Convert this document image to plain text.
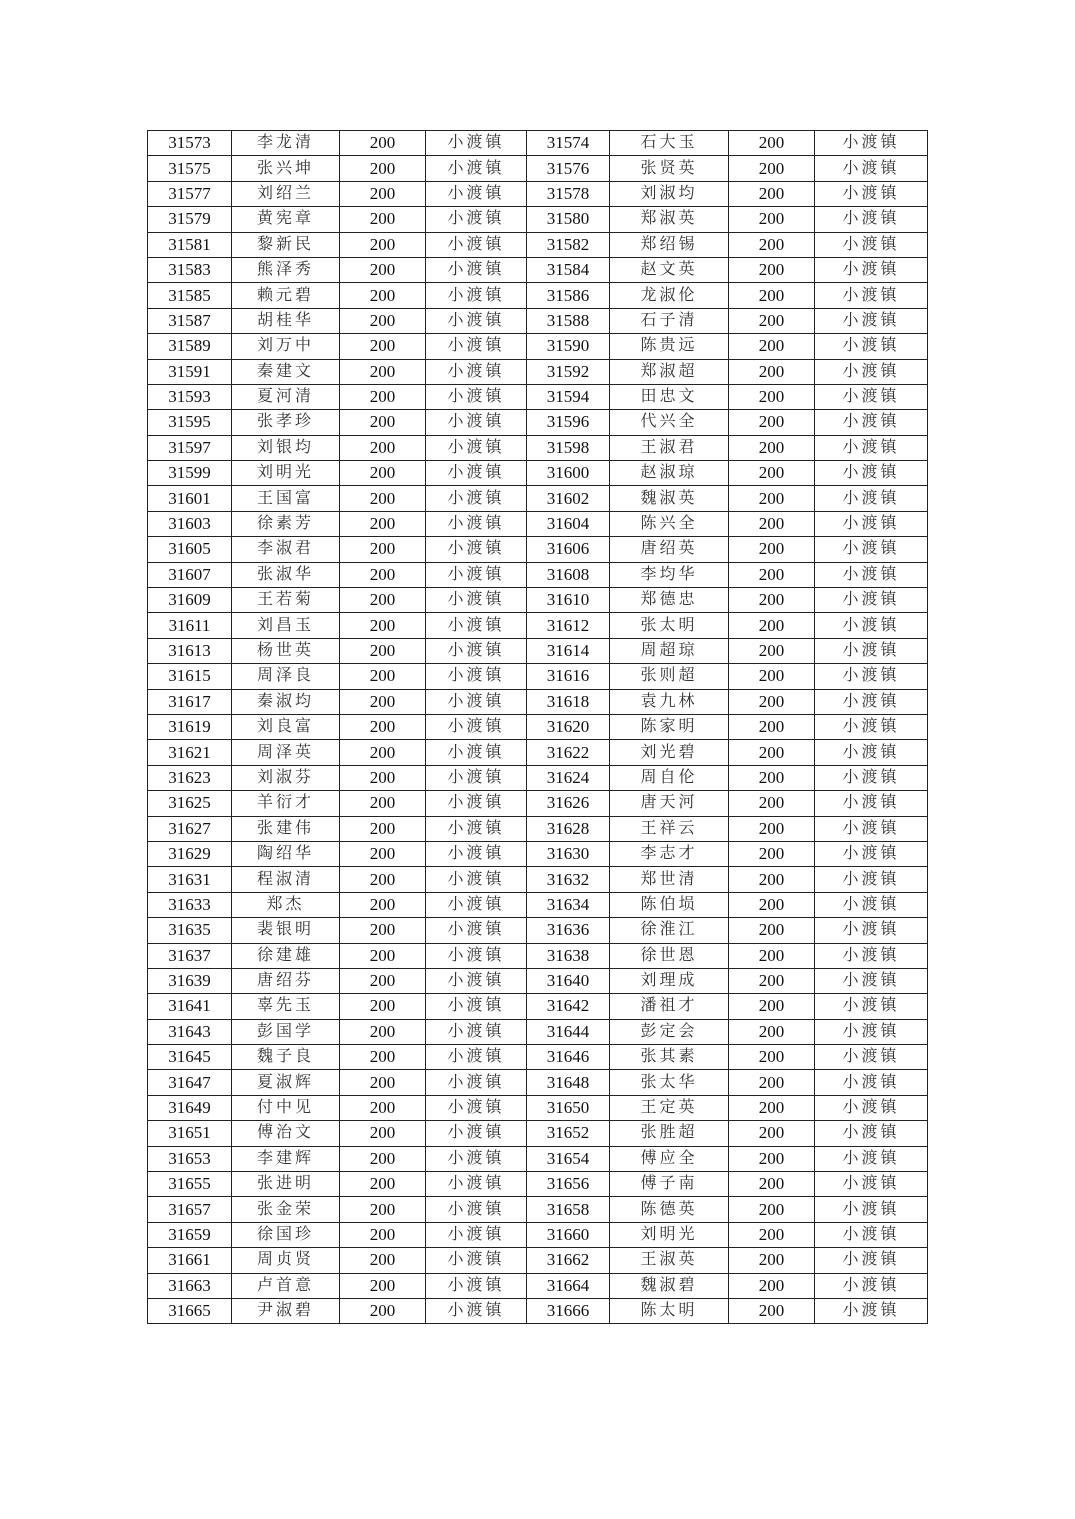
31573	李龙清	200	小渡镇	31574	石大玉	200	小渡镇
31575	张兴坤	200	小渡镇	31576	张贤英	200	小渡镇
31577	刘绍兰	200	小渡镇	31578	刘淑均	200	小渡镇
31579	黄宪章	200	小渡镇	31580	郑淑英	200	小渡镇
31581	黎新民	200	小渡镇	31582	郑绍锡	200	小渡镇
31583	熊泽秀	200	小渡镇	31584	赵文英	200	小渡镇
31585	赖元碧	200	小渡镇	31586	龙淑伦	200	小渡镇
31587	胡桂华	200	小渡镇	31588	石子清	200	小渡镇
31589	刘万中	200	小渡镇	31590	陈贵远	200	小渡镇
31591	秦建文	200	小渡镇	31592	郑淑超	200	小渡镇
31593	夏河清	200	小渡镇	31594	田忠文	200	小渡镇
31595	张孝珍	200	小渡镇	31596	代兴全	200	小渡镇
31597	刘银均	200	小渡镇	31598	王淑君	200	小渡镇
31599	刘明光	200	小渡镇	31600	赵淑琼	200	小渡镇
31601	王国富	200	小渡镇	31602	魏淑英	200	小渡镇
31603	徐素芳	200	小渡镇	31604	陈兴全	200	小渡镇
31605	李淑君	200	小渡镇	31606	唐绍英	200	小渡镇
31607	张淑华	200	小渡镇	31608	李均华	200	小渡镇
31609	王若菊	200	小渡镇	31610	郑德忠	200	小渡镇
31611	刘昌玉	200	小渡镇	31612	张太明	200	小渡镇
31613	杨世英	200	小渡镇	31614	周超琼	200	小渡镇
31615	周泽良	200	小渡镇	31616	张则超	200	小渡镇
31617	秦淑均	200	小渡镇	31618	袁九林	200	小渡镇
31619	刘良富	200	小渡镇	31620	陈家明	200	小渡镇
31621	周泽英	200	小渡镇	31622	刘光碧	200	小渡镇
31623	刘淑芬	200	小渡镇	31624	周自伦	200	小渡镇
31625	羊衍才	200	小渡镇	31626	唐天河	200	小渡镇
31627	张建伟	200	小渡镇	31628	王祥云	200	小渡镇
31629	陶绍华	200	小渡镇	31630	李志才	200	小渡镇
31631	程淑清	200	小渡镇	31632	郑世清	200	小渡镇
31633	郑杰	200	小渡镇	31634	陈伯埙	200	小渡镇
31635	裴银明	200	小渡镇	31636	徐淮江	200	小渡镇
31637	徐建雄	200	小渡镇	31638	徐世恩	200	小渡镇
31639	唐绍芬	200	小渡镇	31640	刘理成	200	小渡镇
31641	辜先玉	200	小渡镇	31642	潘祖才	200	小渡镇
31643	彭国学	200	小渡镇	31644	彭定会	200	小渡镇
31645	魏子良	200	小渡镇	31646	张其素	200	小渡镇
31647	夏淑辉	200	小渡镇	31648	张太华	200	小渡镇
31649	付中见	200	小渡镇	31650	王定英	200	小渡镇
31651	傅治文	200	小渡镇	31652	张胜超	200	小渡镇
31653	李建辉	200	小渡镇	31654	傅应全	200	小渡镇
31655	张进明	200	小渡镇	31656	傅子南	200	小渡镇
31657	张金荣	200	小渡镇	31658	陈德英	200	小渡镇
31659	徐国珍	200	小渡镇	31660	刘明光	200	小渡镇
31661	周贞贤	200	小渡镇	31662	王淑英	200	小渡镇
31663	卢首意	200	小渡镇	31664	魏淑碧	200	小渡镇
31665	尹淑碧	200	小渡镇	31666	陈太明	200	小渡镇
